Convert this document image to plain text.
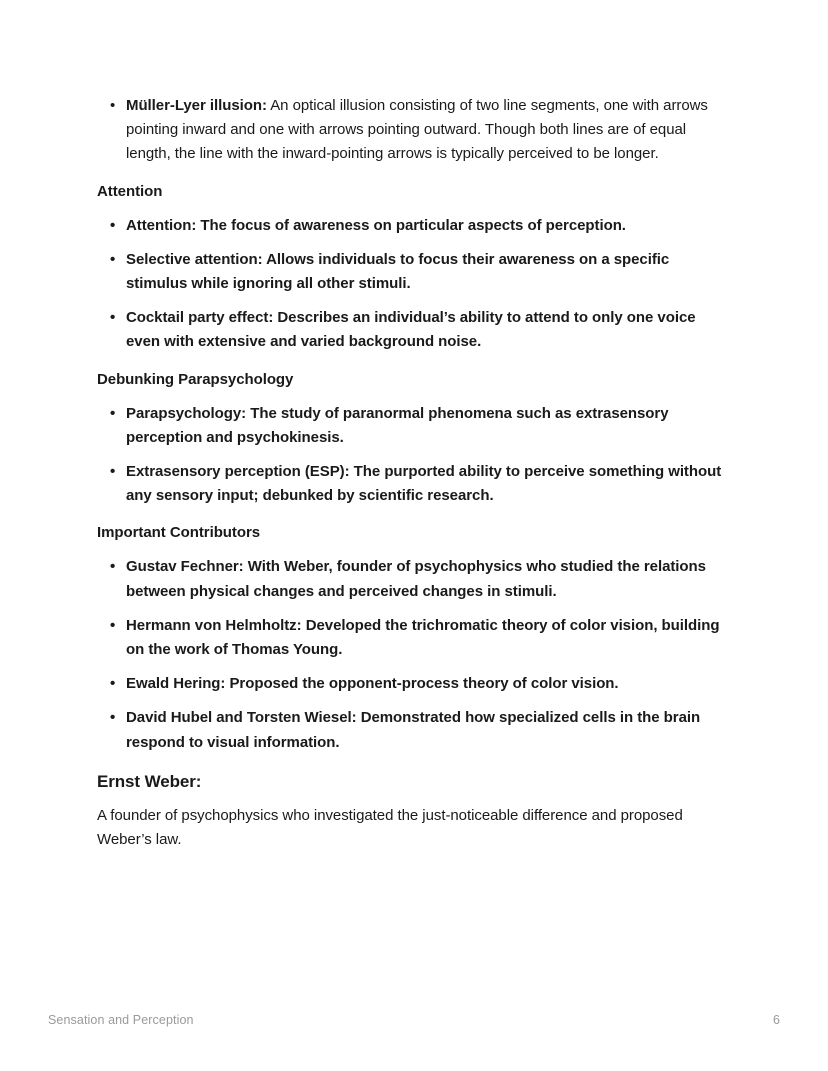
• Müller-Lyer illusion: An optical illusion consisting of two line segments, one with arrows pointing inward and one with arrows pointing outward. Though both lines are of equal length, the line with the inward-pointing arrows is typically perceived to be longer.
Attention
• Attention: The focus of awareness on particular aspects of perception.
• Selective attention: Allows individuals to focus their awareness on a specific stimulus while ignoring all other stimuli.
• Cocktail party effect: Describes an individual’s ability to attend to only one voice even with extensive and varied background noise.
Debunking Parapsychology
• Parapsychology: The study of paranormal phenomena such as extrasensory perception and psychokinesis.
• Extrasensory perception (ESP): The purported ability to perceive something without any sensory input; debunked by scientific research.
Important Contributors
• Gustav Fechner: With Weber, founder of psychophysics who studied the relations between physical changes and perceived changes in stimuli.
• Hermann von Helmholtz: Developed the trichromatic theory of color vision, building on the work of Thomas Young.
• Ewald Hering: Proposed the opponent-process theory of color vision.
• David Hubel and Torsten Wiesel: Demonstrated how specialized cells in the brain respond to visual information.
Ernst Weber:

A founder of psychophysics who investigated the just-noticeable difference and proposed Weber’s law.

Sensation and Perception	6
